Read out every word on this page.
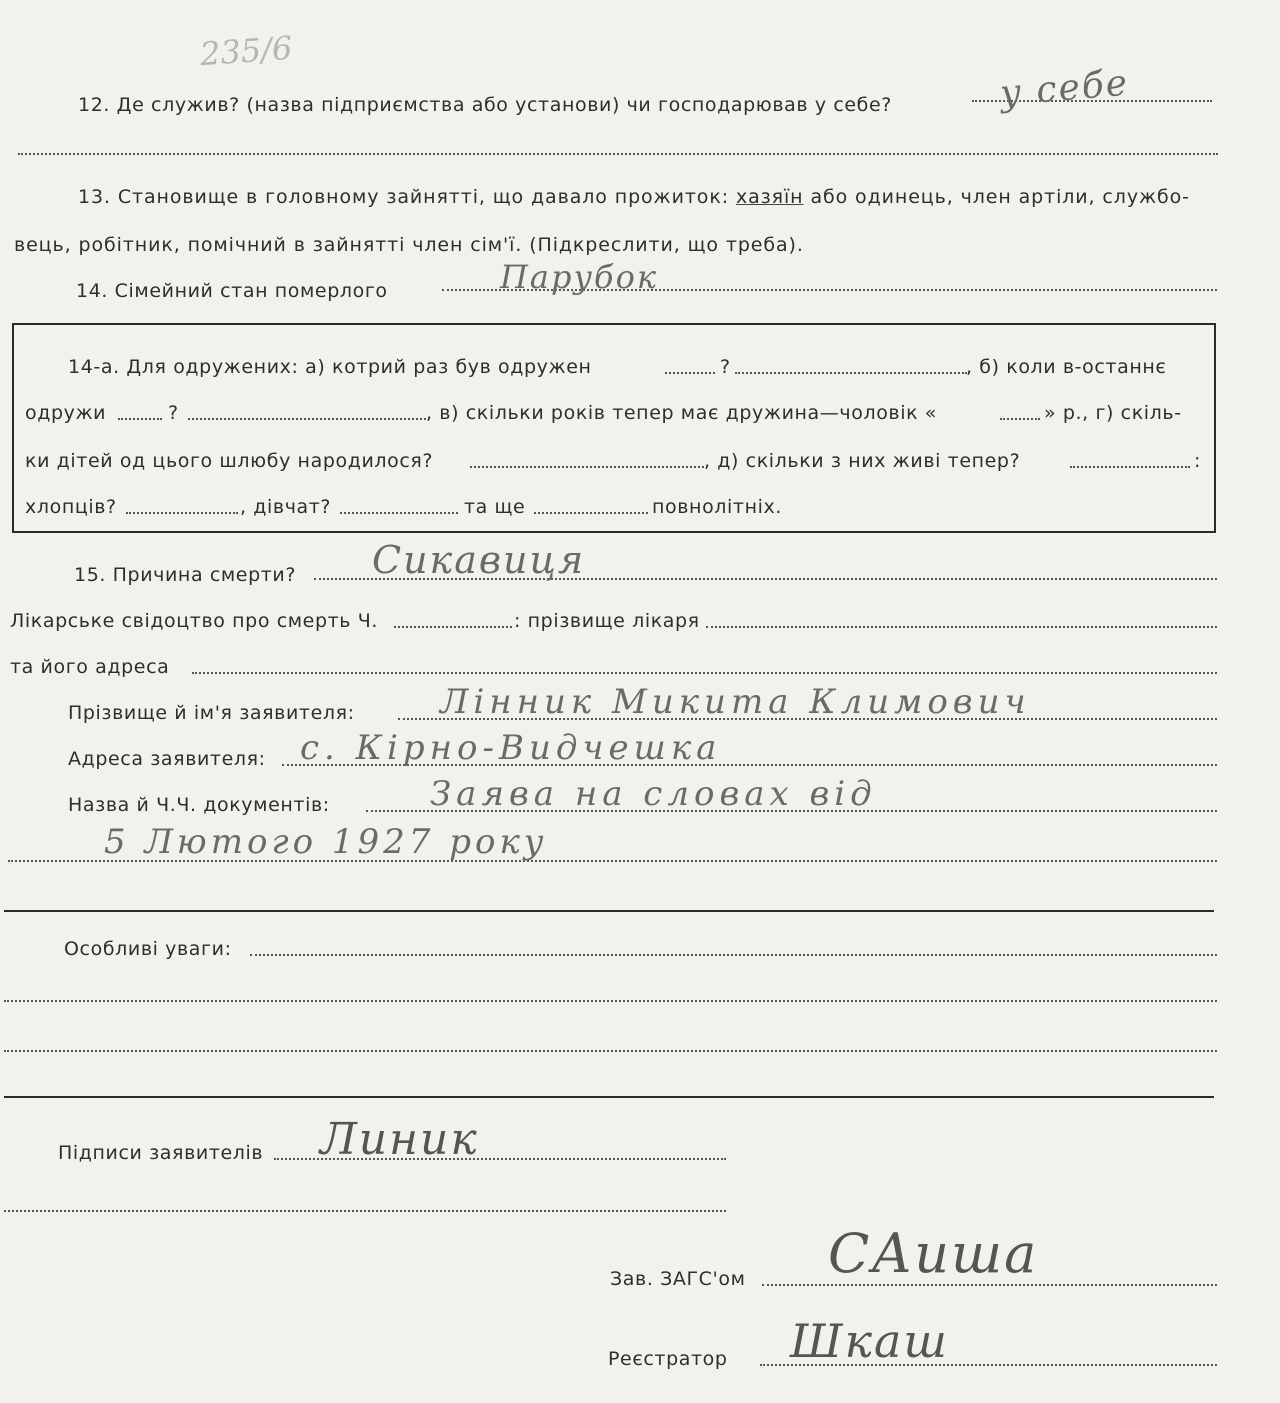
235/6
12. Де служив? (назва підприємства або установи) чи господарював у себе?	у себе
13. Становище в головному зайнятті, що давало прожиток: хазяїн або одинець, член артіли, службо-
вець, робітник, помічний в зайнятті член сім'ї. (Підкреслити, що треба).
14. Сімейний стан померлого	Парубок
14-а. Для одружених: а) котрий раз був одружен	?	, б) коли в-останнє
одружи	?	, в) скільки років тепер має дружина—чоловік «	» р., г) скіль-
ки дітей од цього шлюбу народилося?	, д) скільки з них живі тепер?	:
хлопців?	, дівчат?	та ще	повнолітніх.
15. Причина смерти? Сикавиця
Лікарське свідоцтво про смерть Ч.	: прізвище лікаря
та його адреса
Прізвище й ім'я заявителя:	Лінник Микита Климович
Адреса заявителя: с. Кірно-Видчешка
Назва й Ч.Ч. документів:	Заява на словах від
5 Лютого 1927 року
Особливі уваги:
Підписи заявителів Линик
Зав. ЗАГС'ом САиша
Реєстратор Шкаш
